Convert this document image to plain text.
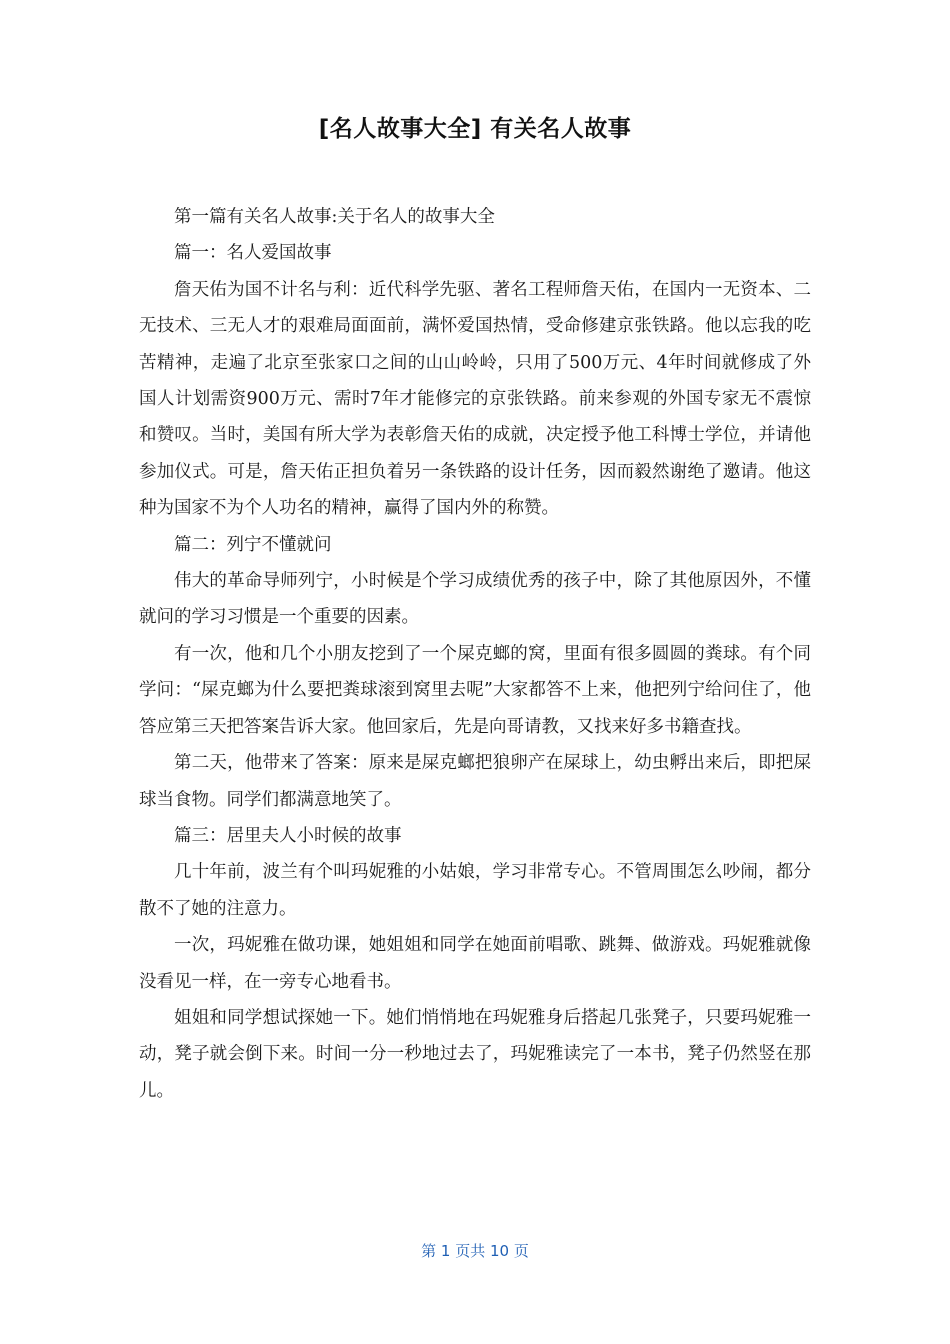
[名人故事大全] 有关名人故事

第一篇有关名人故事:关于名人的故事大全

篇一：名人爱国故事

詹天佑为国不计名与利：近代科学先驱、著名工程师詹天佑，在国内一无资本、二无技术、三无人才的艰难局面面前，满怀爱国热情，受命修建京张铁路。他以忘我的吃苦精神，走遍了北京至张家口之间的山山岭岭，只用了500万元、4年时间就修成了外国人计划需资900万元、需时7年才能修完的京张铁路。前来参观的外国专家无不震惊和赞叹。当时，美国有所大学为表彰詹天佑的成就，决定授予他工科博士学位，并请他参加仪式。可是，詹天佑正担负着另一条铁路的设计任务，因而毅然谢绝了邀请。他这种为国家不为个人功名的精神，赢得了国内外的称赞。

篇二：列宁不懂就问

伟大的革命导师列宁，小时候是个学习成绩优秀的孩子中，除了其他原因外，不懂就问的学习习惯是一个重要的因素。

有一次，他和几个小朋友挖到了一个屎克螂的窝，里面有很多圆圆的粪球。有个同学问：“屎克螂为什么要把粪球滚到窝里去呢”大家都答不上来，他把列宁给问住了，他答应第三天把答案告诉大家。他回家后，先是向哥请教，又找来好多书籍查找。

第二天，他带来了答案：原来是屎克螂把狼卵产在屎球上，幼虫孵出来后，即把屎球当食物。同学们都满意地笑了。

篇三：居里夫人小时候的故事

几十年前，波兰有个叫玛妮雅的小姑娘，学习非常专心。不管周围怎么吵闹，都分散不了她的注意力。

一次，玛妮雅在做功课，她姐姐和同学在她面前唱歌、跳舞、做游戏。玛妮雅就像没看见一样，在一旁专心地看书。

姐姐和同学想试探她一下。她们悄悄地在玛妮雅身后搭起几张凳子，只要玛妮雅一动，凳子就会倒下来。时间一分一秒地过去了，玛妮雅读完了一本书，凳子仍然竖在那儿。

第 1 页共 10 页
